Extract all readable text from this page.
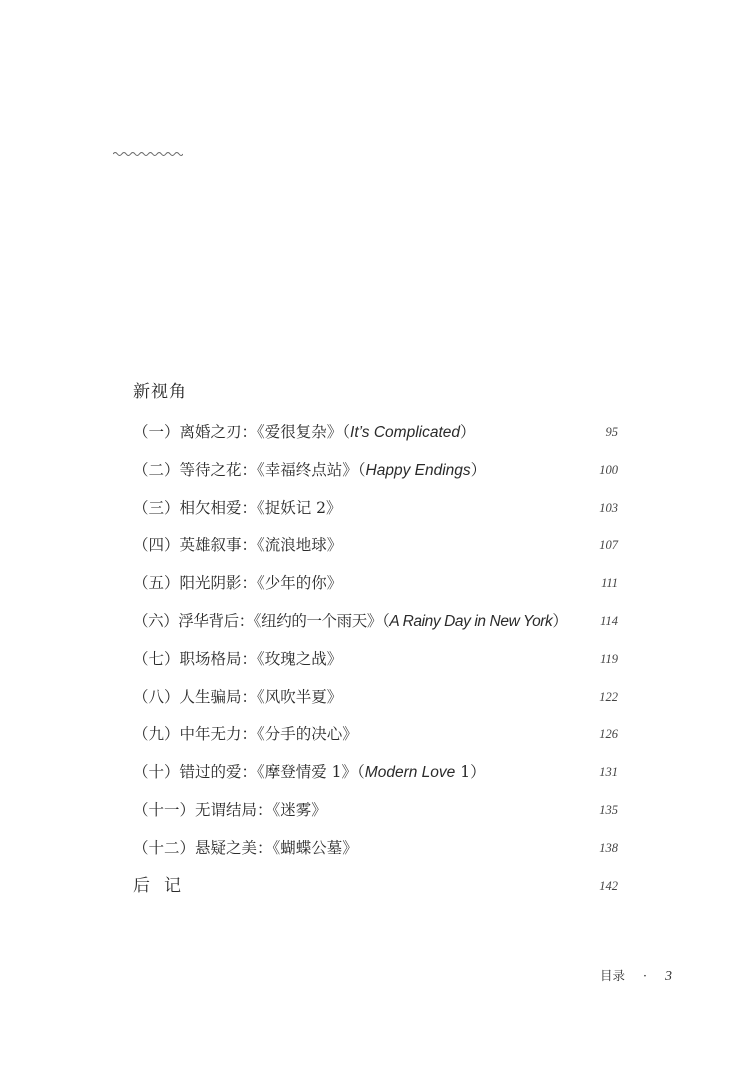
新视角
（一）离婚之刃：《爱很复杂》（It’s Complicated）	95
（二）等待之花：《幸福终点站》（Happy Endings）	100
（三）相欠相爱：《捉妖记 2》	103
（四）英雄叙事：《流浪地球》	107
（五）阳光阴影：《少年的你》	111
（六）浮华背后：《纽约的一个雨天》（A Rainy Day in New York）	114
（七）职场格局：《玫瑰之战》	119
（八）人生骗局：《风吹半夏》	122
（九）中年无力：《分手的决心》	126
（十）错过的爱：《摩登情爱 1》（Modern Love 1）	131
（十一）无谓结局：《迷雾》	135
（十二）悬疑之美：《蝴蝶公墓》	138
后记	142
目录 · 3
